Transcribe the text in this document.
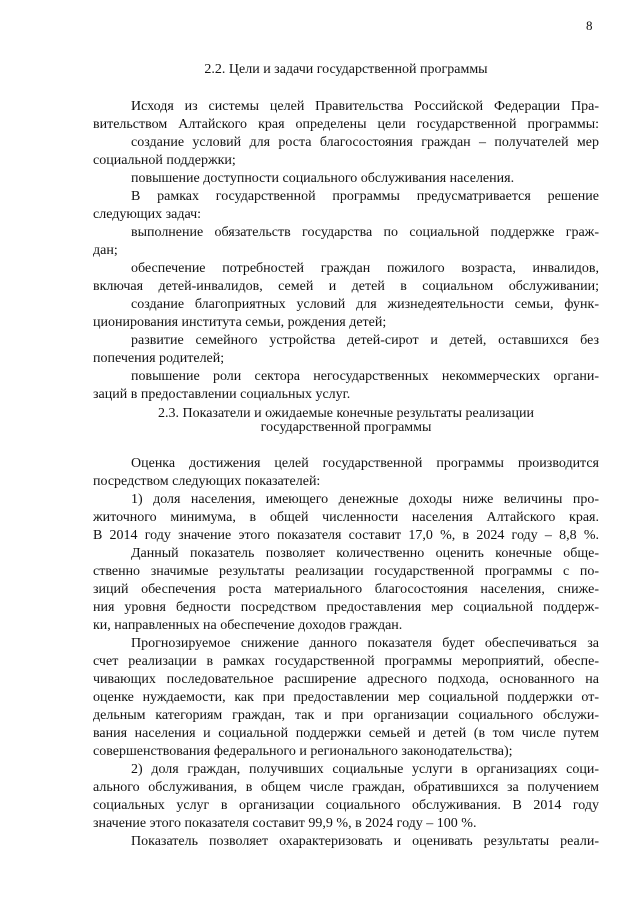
8
2.2. Цели и задачи государственной программы
Исходя из системы целей Правительства Российской Федерации Пра-
вительством Алтайского края определены цели государственной программы:
создание условий для роста благосостояния граждан – получателей мер
социальной поддержки;
повышение доступности социального обслуживания населения.
В рамках государственной программы предусматривается решение
следующих задач:
выполнение обязательств государства по социальной поддержке граж-
дан;
обеспечение потребностей граждан пожилого возраста, инвалидов,
включая детей-инвалидов, семей и детей в социальном обслуживании;
создание благоприятных условий для жизнедеятельности семьи, функ-
ционирования института семьи, рождения детей;
развитие семейного устройства детей-сирот и детей, оставшихся без
попечения родителей;
повышение роли сектора негосударственных некоммерческих органи-
заций в предоставлении социальных услуг.
2.3. Показатели и ожидаемые конечные результаты реализации
государственной программы
Оценка достижения целей государственной программы производится
посредством следующих показателей:
1) доля населения, имеющего денежные доходы ниже величины про-
житочного минимума, в общей численности населения Алтайского края.
В 2014 году значение этого показателя составит 17,0 %, в 2024 году – 8,8 %.
Данный показатель позволяет количественно оценить конечные обще-
ственно значимые результаты реализации государственной программы с по-
зиций обеспечения роста материального благосостояния населения, сниже-
ния уровня бедности посредством предоставления мер социальной поддерж-
ки, направленных на обеспечение доходов граждан.
Прогнозируемое снижение данного показателя будет обеспечиваться за
счет реализации в рамках государственной программы мероприятий, обеспе-
чивающих последовательное расширение адресного подхода, основанного на
оценке нуждаемости, как при предоставлении мер социальной поддержки от-
дельным категориям граждан, так и при организации социального обслужи-
вания населения и социальной поддержки семьей и детей (в том числе путем
совершенствования федерального и регионального законодательства);
2) доля граждан, получивших социальные услуги в организациях соци-
ального обслуживания, в общем числе граждан, обратившихся за получением
социальных услуг в организации социального обслуживания. В 2014 году
значение этого показателя составит 99,9 %, в 2024 году – 100 %.
Показатель позволяет охарактеризовать и оценивать результаты реали-
